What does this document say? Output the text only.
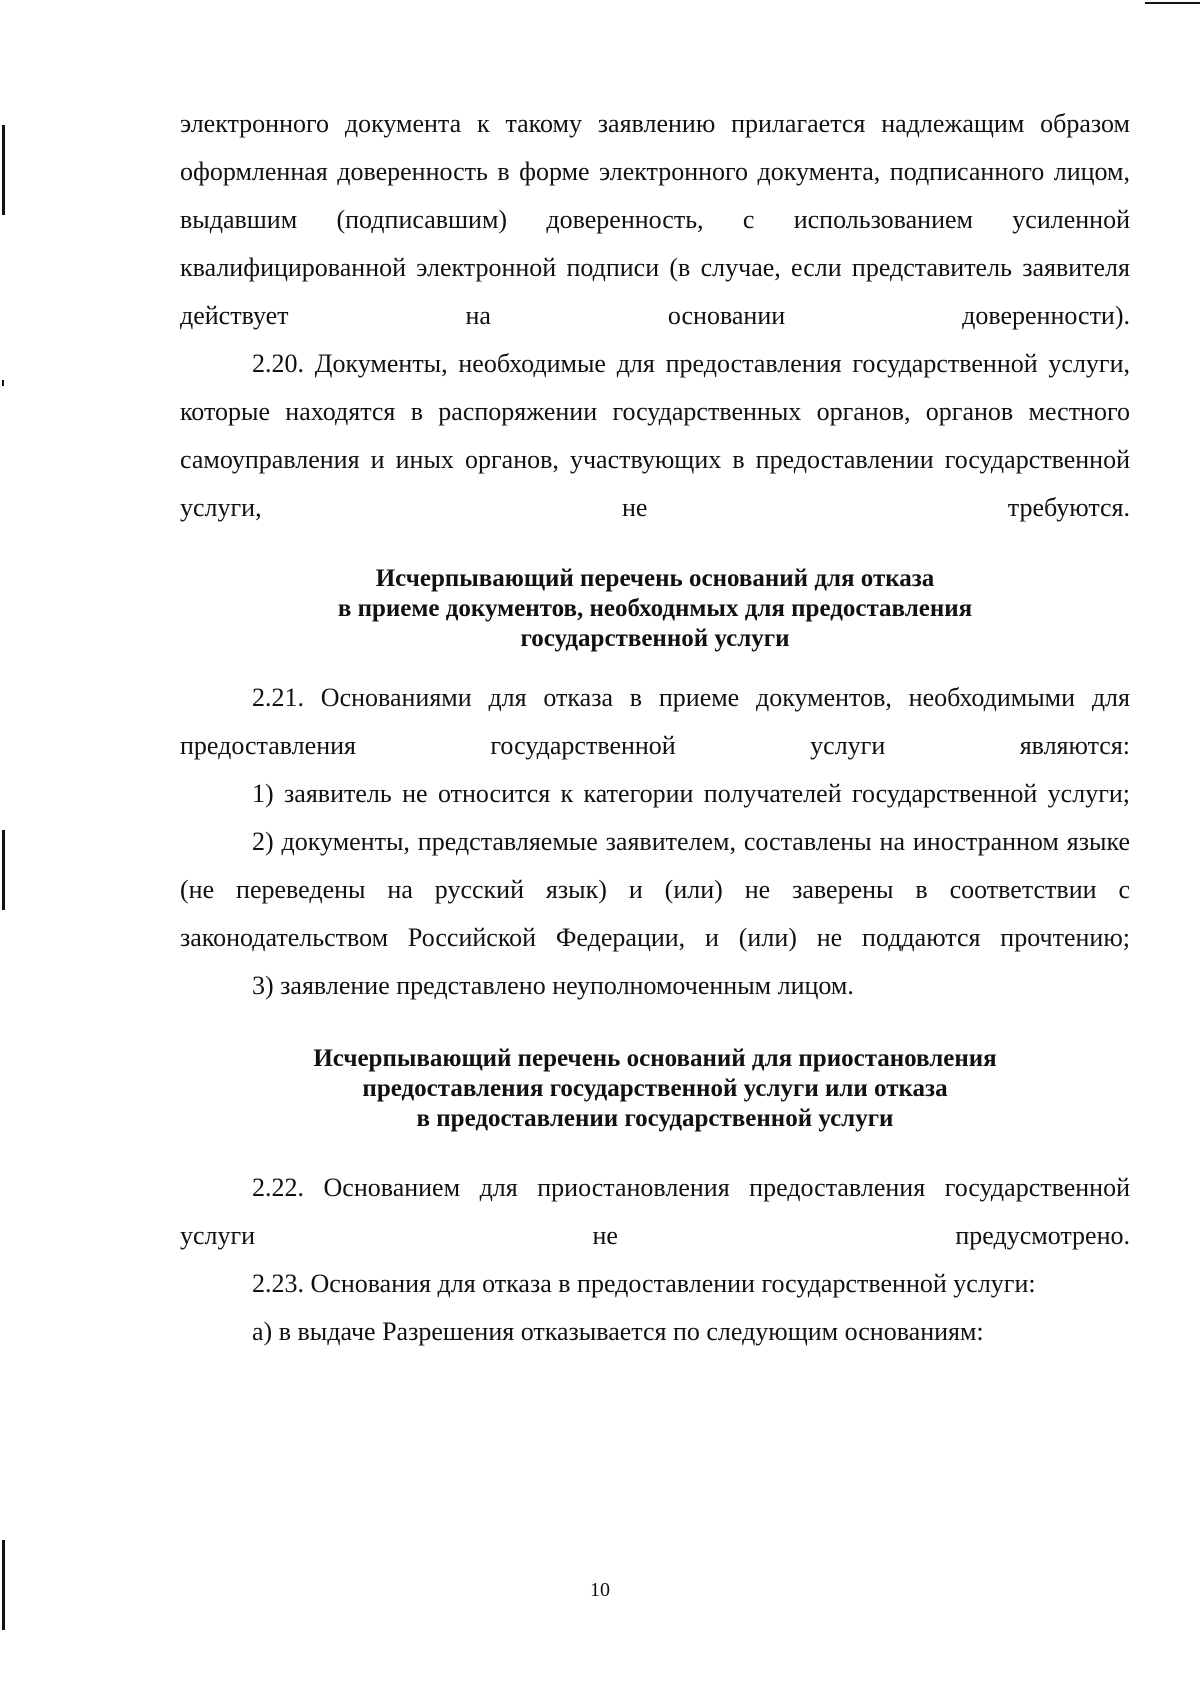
электронного документа к такому заявлению прилагается надлежащим образом оформленная доверенность в форме электронного документа, подписанного лицом, выдавшим (подписавшим) доверенность, с использованием усиленной квалифицированной электронной подписи (в случае, если представитель заявителя действует на основании доверенности).

2.20. Документы, необходимые для предоставления государственной услуги, которые находятся в распоряжении государственных органов, органов местного самоуправления и иных органов, участвующих в предоставлении государственной услуги, не требуются.

Исчерпывающий перечень оснований для отказа

в приеме документов, необходнмых для предоставления

государственной услуги

2.21. Основаниями для отказа в приеме документов, необходимыми для предоставления государственной услуги являются:

1) заявитель не относится к категории получателей государственной услуги;

2) документы, представляемые заявителем, составлены на иностранном языке (не переведены на русский язык) и (или) не заверены в соответствии с законодательством Российской Федерации, и (или) не поддаются прочтению;

3) заявление представлено неуполномоченным лицом.

Исчерпывающий перечень оснований для приостановления

предоставления государственной услуги или отказа

в предоставлении государственной услуги

2.22. Основанием для приостановления предоставления государственной услуги не предусмотрено.

2.23. Основания для отказа в предоставлении государственной услуги:

а) в выдаче Разрешения отказывается по следующим основаниям:

10
